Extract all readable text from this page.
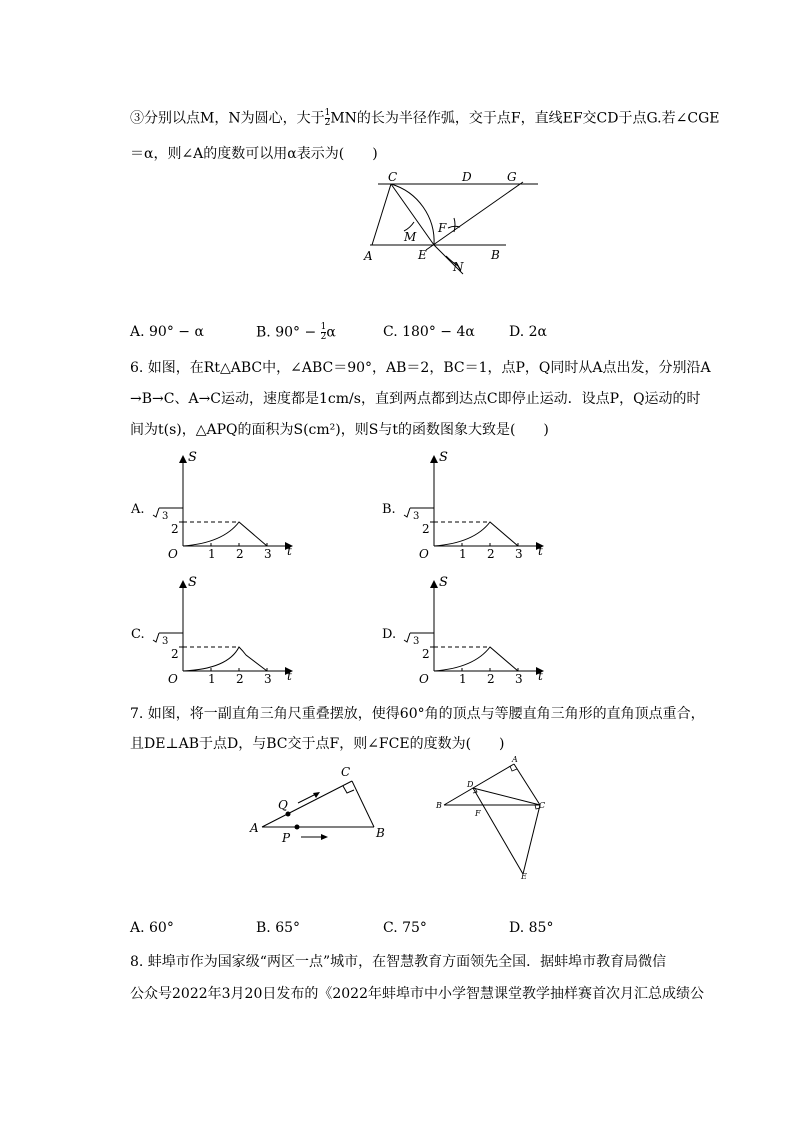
③分别以点M，N为圆心，大于 $\frac{1}{2}$ MN的长为半径作弧，交于点F，直线EF交CD于点G.若∠CGE
＝α，则∠A的度数可以用α表示为(　　)
C	D	G
F
M
A	E	B
N
A. 90° − α	B. $90^\circ - \frac{1}{2}$ α	C. 180° − 4α D. 2α
6. 如图，在Rt△ABC中，∠ABC＝90°，AB＝2，BC＝1，点P，Q同时从A点出发，分别沿A
→B→C、A→C运动，速度都是1cm/s，直到两点都到达点C即停止运动．设点P，Q运动的时
间为t(s)，△APQ的面积为S(cm²)，则S与t的函数图象大致是(　　)
A.
S
t
O
3
2
1 2 3
B.
S
t
O
3
2
1 2 3
C.
S
t
O
3
2
1 2 3
D.
S
t
O
3
2
1 2 3
7. 如图，将一副直角三角尺重叠摆放，使得60°角的顶点与等腰直角三角形的直角顶点重合，
且DE⊥AB于点D，与BC交于点F，则∠FCE的度数为(　　)
C
Q
A
P	B
A
D
B
F
C
E
A. 60°	B. 65°	C. 75°	D. 85°
8. 蚌埠市作为国家级“两区一点”城市，在智慧教育方面领先全国．据蚌埠市教育局微信
公众号2022年3月20日发布的《2022年蚌埠市中小学智慧课堂教学抽样赛首次月汇总成绩公
